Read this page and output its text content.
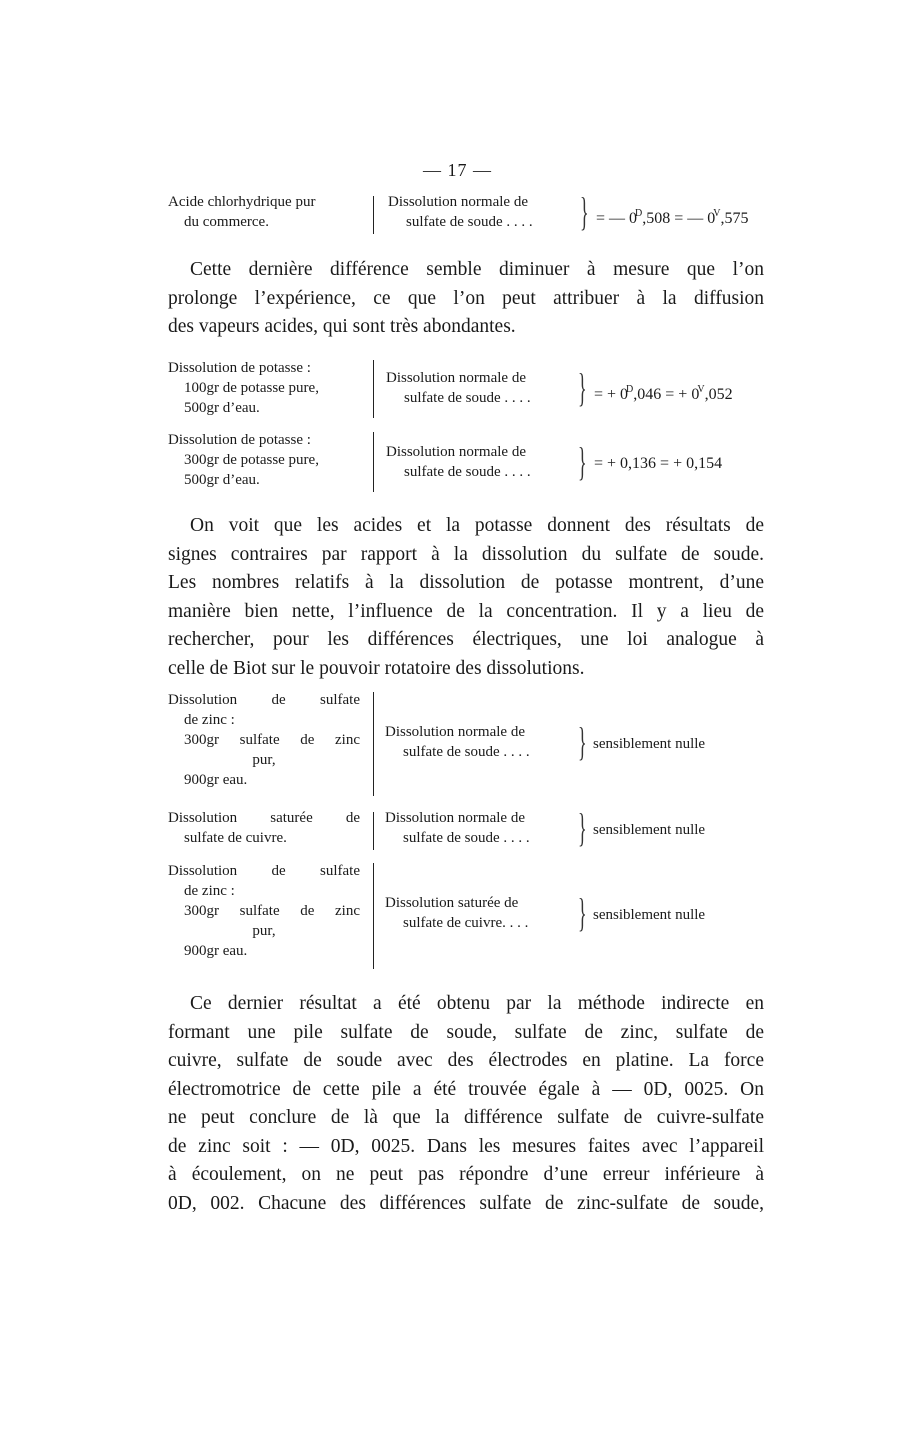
— 17 —
Acide chlorhydrique pur
du commerce.
Dissolution normale de
sulfate de soude . . . . } = — $0^D,508$ = — $0^V,575$
Cette dernière différence semble diminuer à mesure que l’on
prolonge l’expérience, ce que l’on peut attribuer à la diffusion
des vapeurs acides, qui sont très abondantes.
Dissolution de potasse :
100gr de potasse pure,
500gr d’eau.
Dissolution normale de
sulfate de soude . . . . } = + $0^D,046$ = + $0^V,052$
Dissolution de potasse :
300gr de potasse pure,
500gr d’eau.
Dissolution normale de
sulfate de soude . . . . } = + 0,136 = + 0,154
On voit que les acides et la potasse donnent des résultats de
signes contraires par rapport à la dissolution du sulfate de soude.
Les nombres relatifs à la dissolution de potasse montrent, d’une
manière bien nette, l’influence de la concentration. Il y a lieu de
rechercher, pour les différences électriques, une loi analogue à
celle de Biot sur le pouvoir rotatoire des dissolutions.
Dissolution de sulfate
de zinc :
300gr sulfate de zinc
pur,
900gr eau.
Dissolution normale de
sulfate de soude . . . . } sensiblement nulle
Dissolution saturée de
sulfate de cuivre.
Dissolution normale de
sulfate de soude . . . . } sensiblement nulle
Dissolution de sulfate
de zinc :
300gr sulfate de zinc
pur,
900gr eau.
Dissolution saturée de
sulfate de cuivre. . . . } sensiblement nulle
Ce dernier résultat a été obtenu par la méthode indirecte en
formant une pile sulfate de soude, sulfate de zinc, sulfate de
cuivre, sulfate de soude avec des électrodes en platine. La force
électromotrice de cette pile a été trouvée égale à — 0D, 0025. On
ne peut conclure de là que la différence sulfate de cuivre-sulfate
de zinc soit : — 0D, 0025. Dans les mesures faites avec l’appareil
à écoulement, on ne peut pas répondre d’une erreur inférieure à
0D, 002. Chacune des différences sulfate de zinc-sulfate de soude,
